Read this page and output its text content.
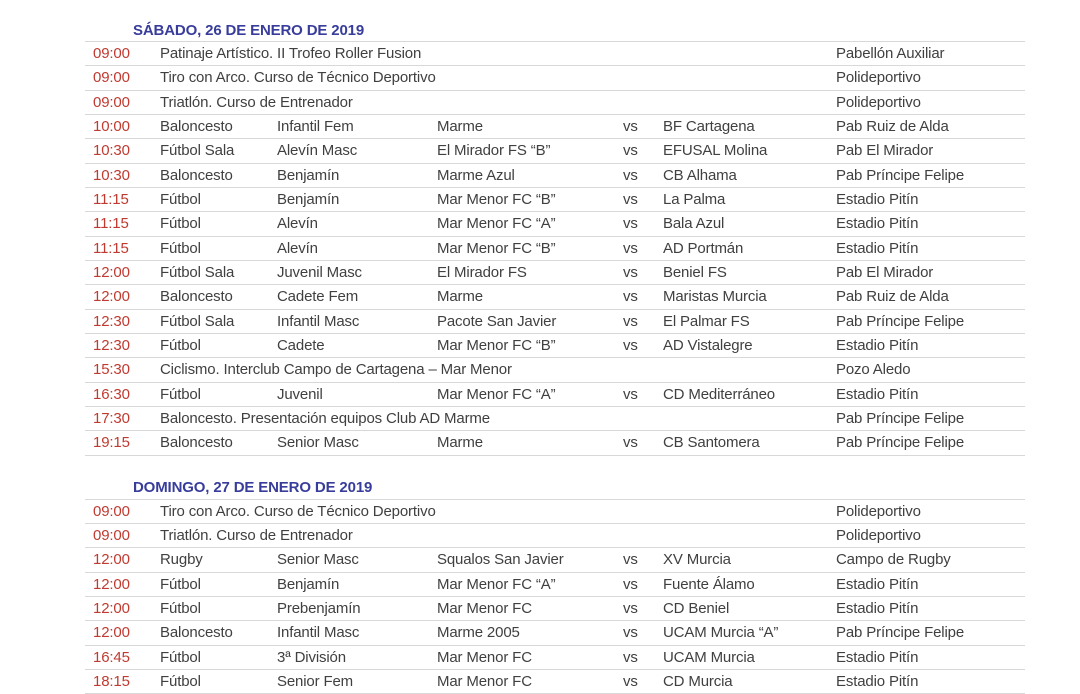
SÁBADO, 26 DE ENERO DE 2019
09:00 Patinaje Artístico. II Trofeo Roller Fusion	Pabellón Auxiliar
09:00 Tiro con Arco. Curso de Técnico Deportivo	Polideportivo
09:00 Triatlón. Curso de Entrenador	Polideportivo
10:00 Baloncesto	Infantil Fem	Marme	vs BF Cartagena	Pab Ruiz de Alda
10:30 Fútbol Sala	Alevín Masc	El Mirador FS “B”	vs EFUSAL Molina	Pab El Mirador
10:30 Baloncesto	Benjamín	Marme Azul	vs CB Alhama	Pab Príncipe Felipe
11:15 Fútbol	Benjamín	Mar Menor FC “B”	vs La Palma	Estadio Pitín
11:15 Fútbol	Alevín	Mar Menor FC “A”	vs Bala Azul	Estadio Pitín
11:15 Fútbol	Alevín	Mar Menor FC “B”	vs AD Portmán	Estadio Pitín
12:00 Fútbol Sala	Juvenil Masc	El Mirador FS	vs Beniel FS	Pab El Mirador
12:00 Baloncesto	Cadete Fem	Marme	vs Maristas Murcia	Pab Ruiz de Alda
12:30 Fútbol Sala	Infantil Masc	Pacote San Javier	vs El Palmar FS	Pab Príncipe Felipe
12:30 Fútbol	Cadete	Mar Menor FC “B”	vs AD Vistalegre	Estadio Pitín
15:30 Ciclismo. Interclub Campo de Cartagena – Mar Menor	Pozo Aledo
16:30 Fútbol	Juvenil	Mar Menor FC “A”	vs CD Mediterráneo	Estadio Pitín
17:30 Baloncesto. Presentación equipos Club AD Marme	Pab Príncipe Felipe
19:15 Baloncesto	Senior Masc	Marme	vs CB Santomera	Pab Príncipe Felipe
DOMINGO, 27 DE ENERO DE 2019
09:00 Tiro con Arco. Curso de Técnico Deportivo	Polideportivo
09:00 Triatlón. Curso de Entrenador	Polideportivo
12:00 Rugby	Senior Masc	Squalos San Javier	vs XV Murcia	Campo de Rugby
12:00 Fútbol	Benjamín	Mar Menor FC “A”	vs Fuente Álamo	Estadio Pitín
12:00 Fútbol	Prebenjamín	Mar Menor FC	vs CD Beniel	Estadio Pitín
12:00 Baloncesto	Infantil Masc	Marme 2005	vs UCAM Murcia “A”	Pab Príncipe Felipe
16:45 Fútbol	3ª División	Mar Menor FC	vs UCAM Murcia	Estadio Pitín
18:15 Fútbol	Senior Fem	Mar Menor FC	vs CD Murcia	Estadio Pitín
